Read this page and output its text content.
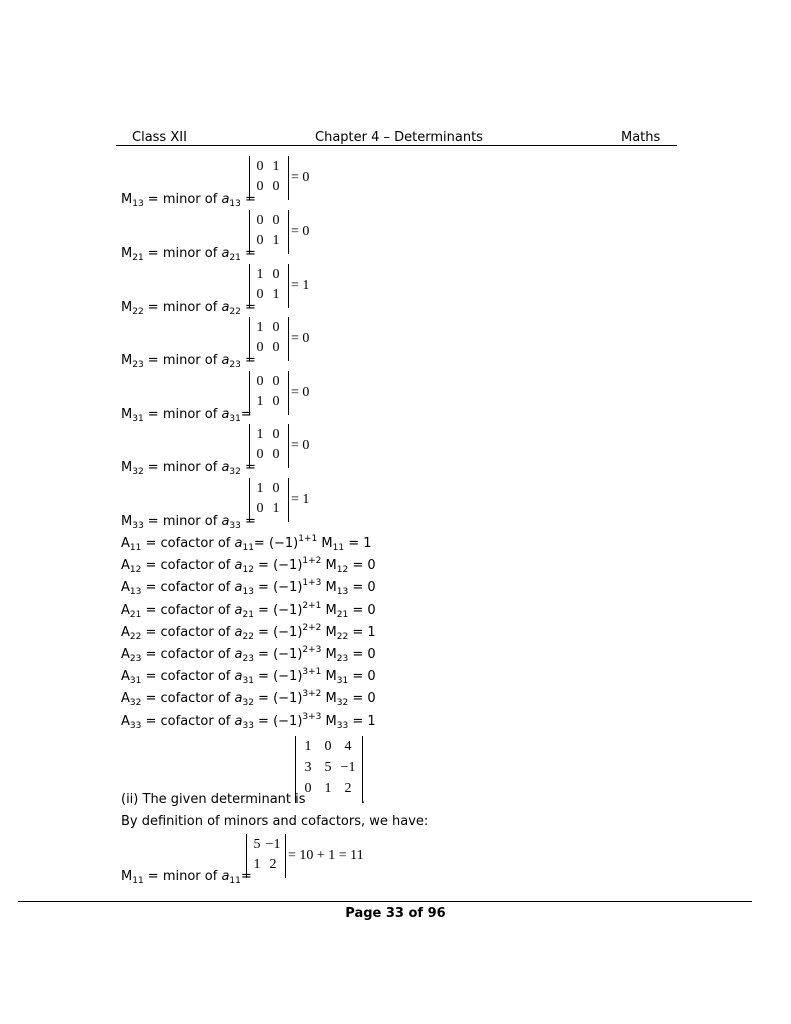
Class XII	Chapter 4 – Determinants	Maths
$M_{13}$ = minor of $a_{13}$ =
0 1
0 0
= 0
$M_{21}$ = minor of $a_{21}$ =
0 0
0 1
= 0
$M_{22}$ = minor of $a_{22}$ =
1 0
0 1
= 1
$M_{23}$ = minor of $a_{23}$ =
1 0
0 0
= 0
$M_{31}$ = minor of $a_{31}=$
0 0
1 0
= 0
$M_{32}$ = minor of $a_{32}$ =
1 0
0 0
= 0
$M_{33}$ = minor of $a_{33}$ =
1 0
0 1
= 1
$A_{11}$ = cofactor of $a_{11}= (-1)^{1+1}$ $M_{11} = 1$
$A_{12}$ = cofactor of $a_{12} = (-1)^{1+2}$ $M_{12} = 0$
$A_{13}$ = cofactor of $a_{13} = (-1)^{1+3}$ $M_{13} = 0$
$A_{21}$ = cofactor of $a_{21} = (-1)^{2+1}$ $M_{21} = 0$
$A_{22}$ = cofactor of $a_{22} = (-1)^{2+2}$ $M_{22} = 1$
$A_{23}$ = cofactor of $a_{23} = (-1)^{2+3}$ $M_{23} = 0$
$A_{31}$ = cofactor of $a_{31} = (-1)^{3+1}$ $M_{31} = 0$
$A_{32}$ = cofactor of $a_{32} = (-1)^{3+2}$ $M_{32} = 0$
$A_{33}$ = cofactor of $a_{33} = (-1)^{3+3}$ $M_{33} = 1$
(ii) The given determinant is
1 0 4
3 5 −1
0 1 2
.
By definition of minors and cofactors, we have:
$M_{11}$ = minor of $a_{11}=$
5 −1
1 2
= 10 + 1 = 11
Page 33 of 96
